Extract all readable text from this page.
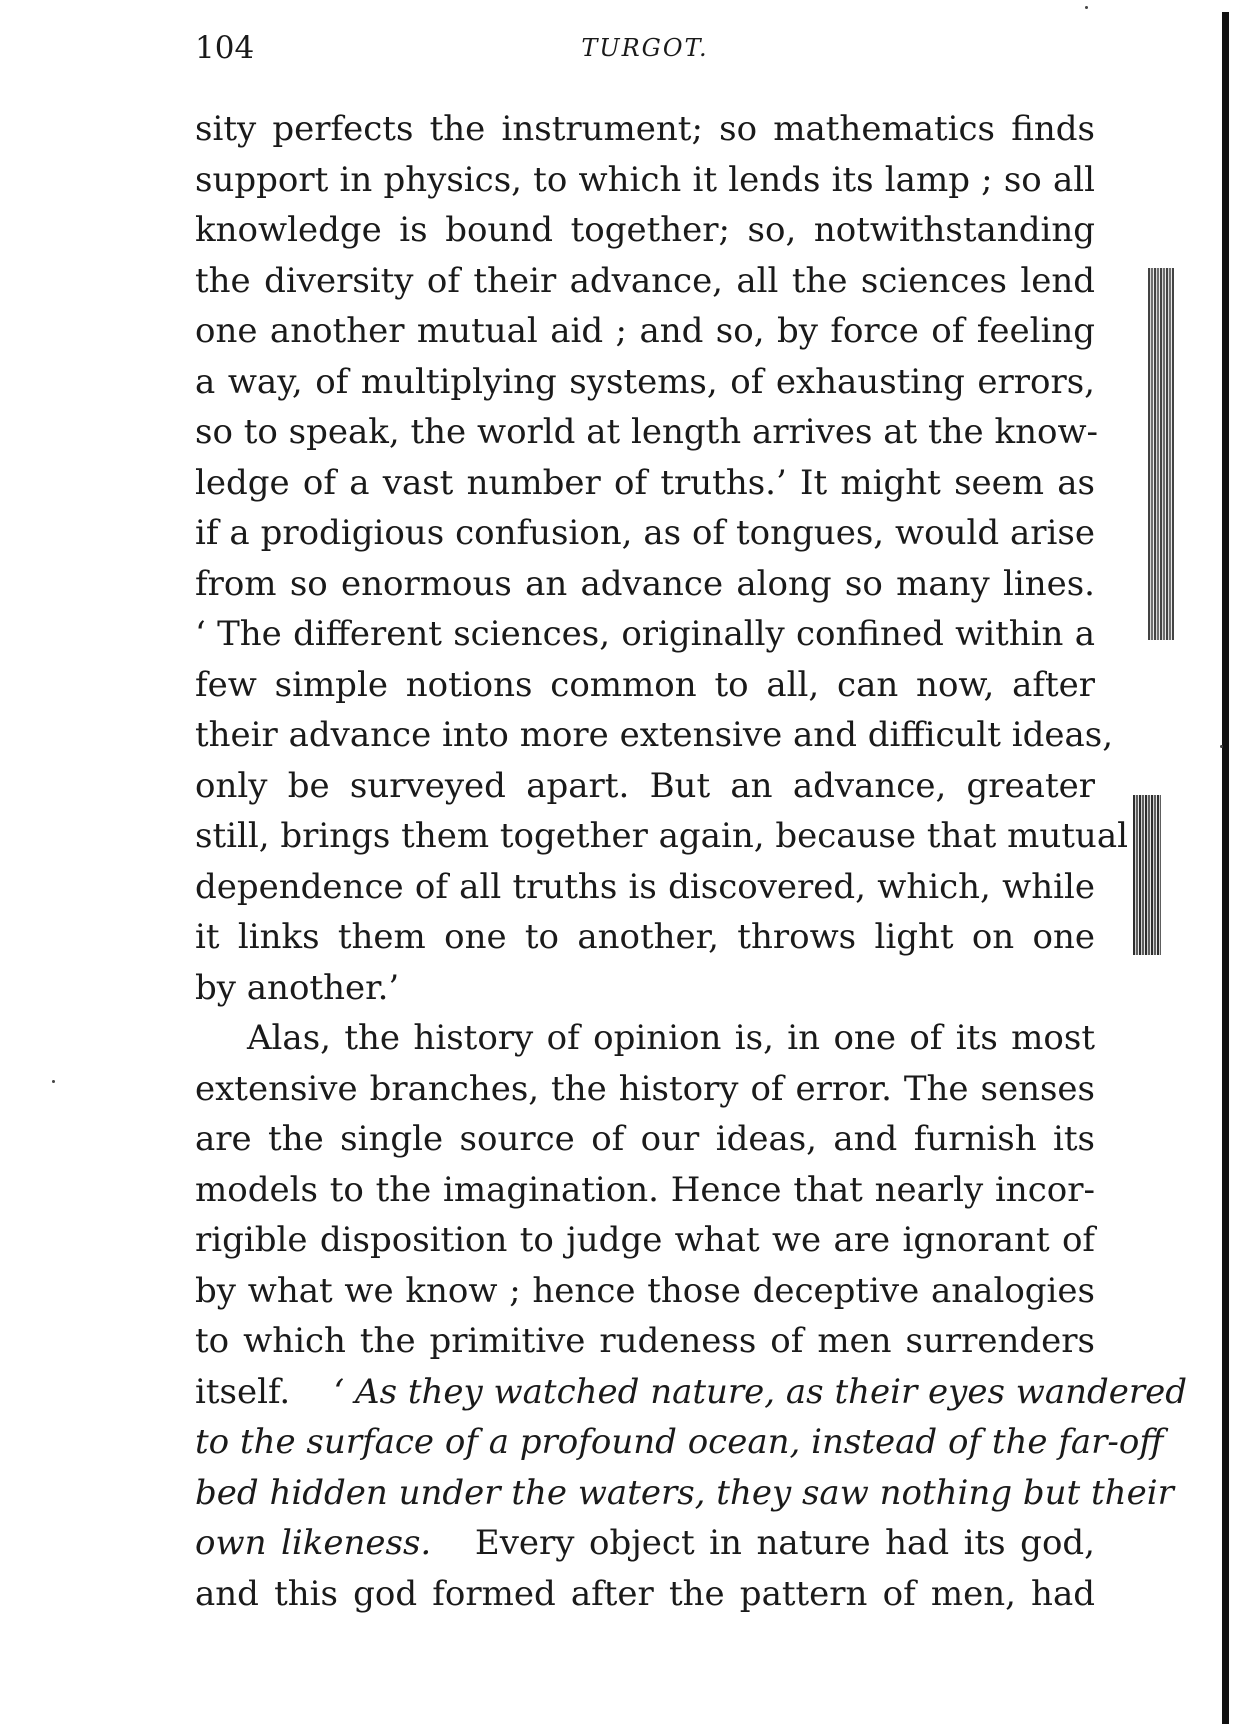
104	TURGOT.
sity perfects the instrument; so mathematics finds
support in physics, to which it lends its lamp ; so all
knowledge is bound together; so, notwithstanding
the diversity of their advance, all the sciences lend
one another mutual aid ; and so, by force of feeling
a way, of multiplying systems, of exhausting errors,
so to speak, the world at length arrives at the know-
ledge of a vast number of truths.’ It might seem as
if a prodigious confusion, as of tongues, would arise
from so enormous an advance along so many lines.
‘ The different sciences, originally confined within a
few simple notions common to all, can now, after
their advance into more extensive and difficult ideas,
only be surveyed apart. But an advance, greater
still, brings them together again, because that mutual
dependence of all truths is discovered, which, while
it links them one to another, throws light on one
by another.’
Alas, the history of opinion is, in one of its most
extensive branches, the history of error. The senses
are the single source of our ideas, and furnish its
models to the imagination. Hence that nearly incor-
rigible disposition to judge what we are ignorant of
by what we know ; hence those deceptive analogies
to which the primitive rudeness of men surrenders
itself. ‘ As they watched nature, as their eyes wandered
to the surface of a profound ocean, instead of the far-off
bed hidden under the waters, they saw nothing but their
own likeness. Every object in nature had its god,
and this god formed after the pattern of men, had
